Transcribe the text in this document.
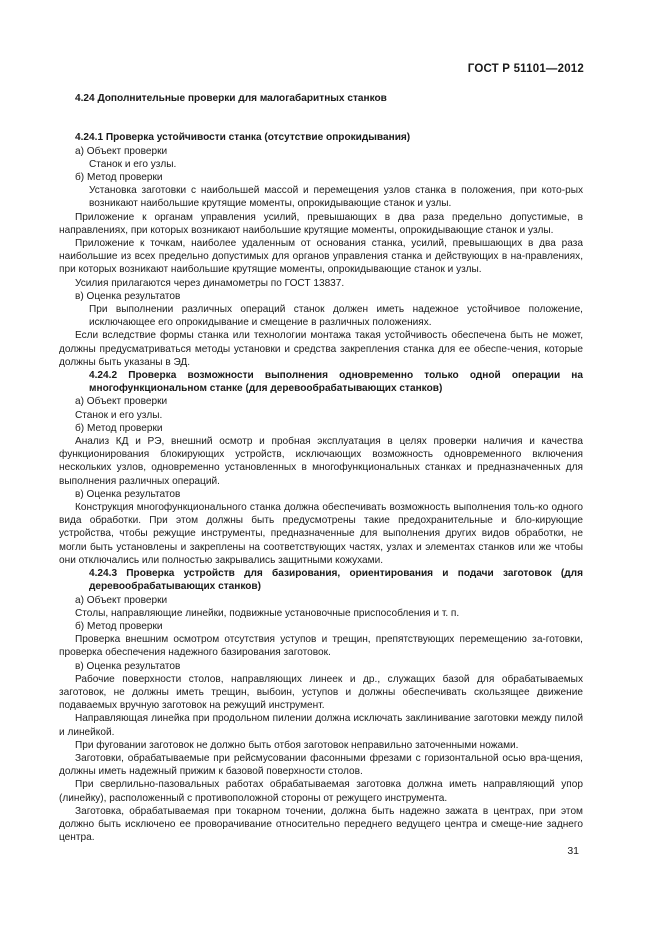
ГОСТ Р 51101—2012

4.24 Дополнительные проверки для малогабаритных станков

4.24.1 Проверка устойчивости станка (отсутствие опрокидывания)

а) Объект проверки

Станок и его узлы.

б) Метод проверки

Установка заготовки с наибольшей массой и перемещения узлов станка в положения, при кото-рых возникают наибольшие крутящие моменты, опрокидывающие станок и узлы.

Приложение к органам управления усилий, превышающих в два раза предельно допустимые, в направлениях, при которых возникают наибольшие крутящие моменты, опрокидывающие станок и узлы.

Приложение к точкам, наиболее удаленным от основания станка, усилий, превышающих в два раза наибольшие из всех предельно допустимых для органов управления станка и действующих в на-правлениях, при которых возникают наибольшие крутящие моменты, опрокидывающие станок и узлы.

Усилия прилагаются через динамометры по ГОСТ 13837.

в) Оценка результатов

При выполнении различных операций станок должен иметь надежное устойчивое положение, исключающее его опрокидывание и смещение в различных положениях.

Если вследствие формы станка или технологии монтажа такая устойчивость обеспечена быть не может, должны предусматриваться методы установки и средства закрепления станка для ее обеспе-чения, которые должны быть указаны в ЭД.

4.24.2 Проверка возможности выполнения одновременно только одной операции на многофункциональном станке (для деревообрабатывающих станков)

а) Объект проверки

Станок и его узлы.

б) Метод проверки

Анализ КД и РЭ, внешний осмотр и пробная эксплуатация в целях проверки наличия и качества функционирования блокирующих устройств, исключающих возможность одновременного включения нескольких узлов, одновременно установленных в многофункциональных станках и предназначенных для выполнения различных операций.

в) Оценка результатов

Конструкция многофункционального станка должна обеспечивать возможность выполнения толь-ко одного вида обработки. При этом должны быть предусмотрены такие предохранительные и бло-кирующие устройства, чтобы режущие инструменты, предназначенные для выполнения других видов обработки, не могли быть установлены и закреплены на соответствующих частях, узлах и элементах станков или же чтобы они отключались или полностью закрывались защитными кожухами.

4.24.3 Проверка устройств для базирования, ориентирования и подачи заготовок (для деревообрабатывающих станков)

а) Объект проверки

Столы, направляющие линейки, подвижные установочные приспособления и т. п.

б) Метод проверки

Проверка внешним осмотром отсутствия уступов и трещин, препятствующих перемещению за-готовки, проверка обеспечения надежного базирования заготовок.

в) Оценка результатов

Рабочие поверхности столов, направляющих линеек и др., служащих базой для обрабатываемых заготовок, не должны иметь трещин, выбоин, уступов и должны обеспечивать скользящее движение подаваемых вручную заготовок на режущий инструмент.

Направляющая линейка при продольном пилении должна исключать заклинивание заготовки между пилой и линейкой.

При фуговании заготовок не должно быть отбоя заготовок неправильно заточенными ножами.

Заготовки, обрабатываемые при рейсмусовании фасонными фрезами с горизонтальной осью вра-щения, должны иметь надежный прижим к базовой поверхности столов.

При сверлильно-пазовальных работах обрабатываемая заготовка должна иметь направляющий упор (линейку), расположенный с противоположной стороны от режущего инструмента.

Заготовка, обрабатываемая при токарном точении, должна быть надежно зажата в центрах, при этом должно быть исключено ее проворачивание относительно переднего ведущего центра и смеще-ние заднего центра.

31
